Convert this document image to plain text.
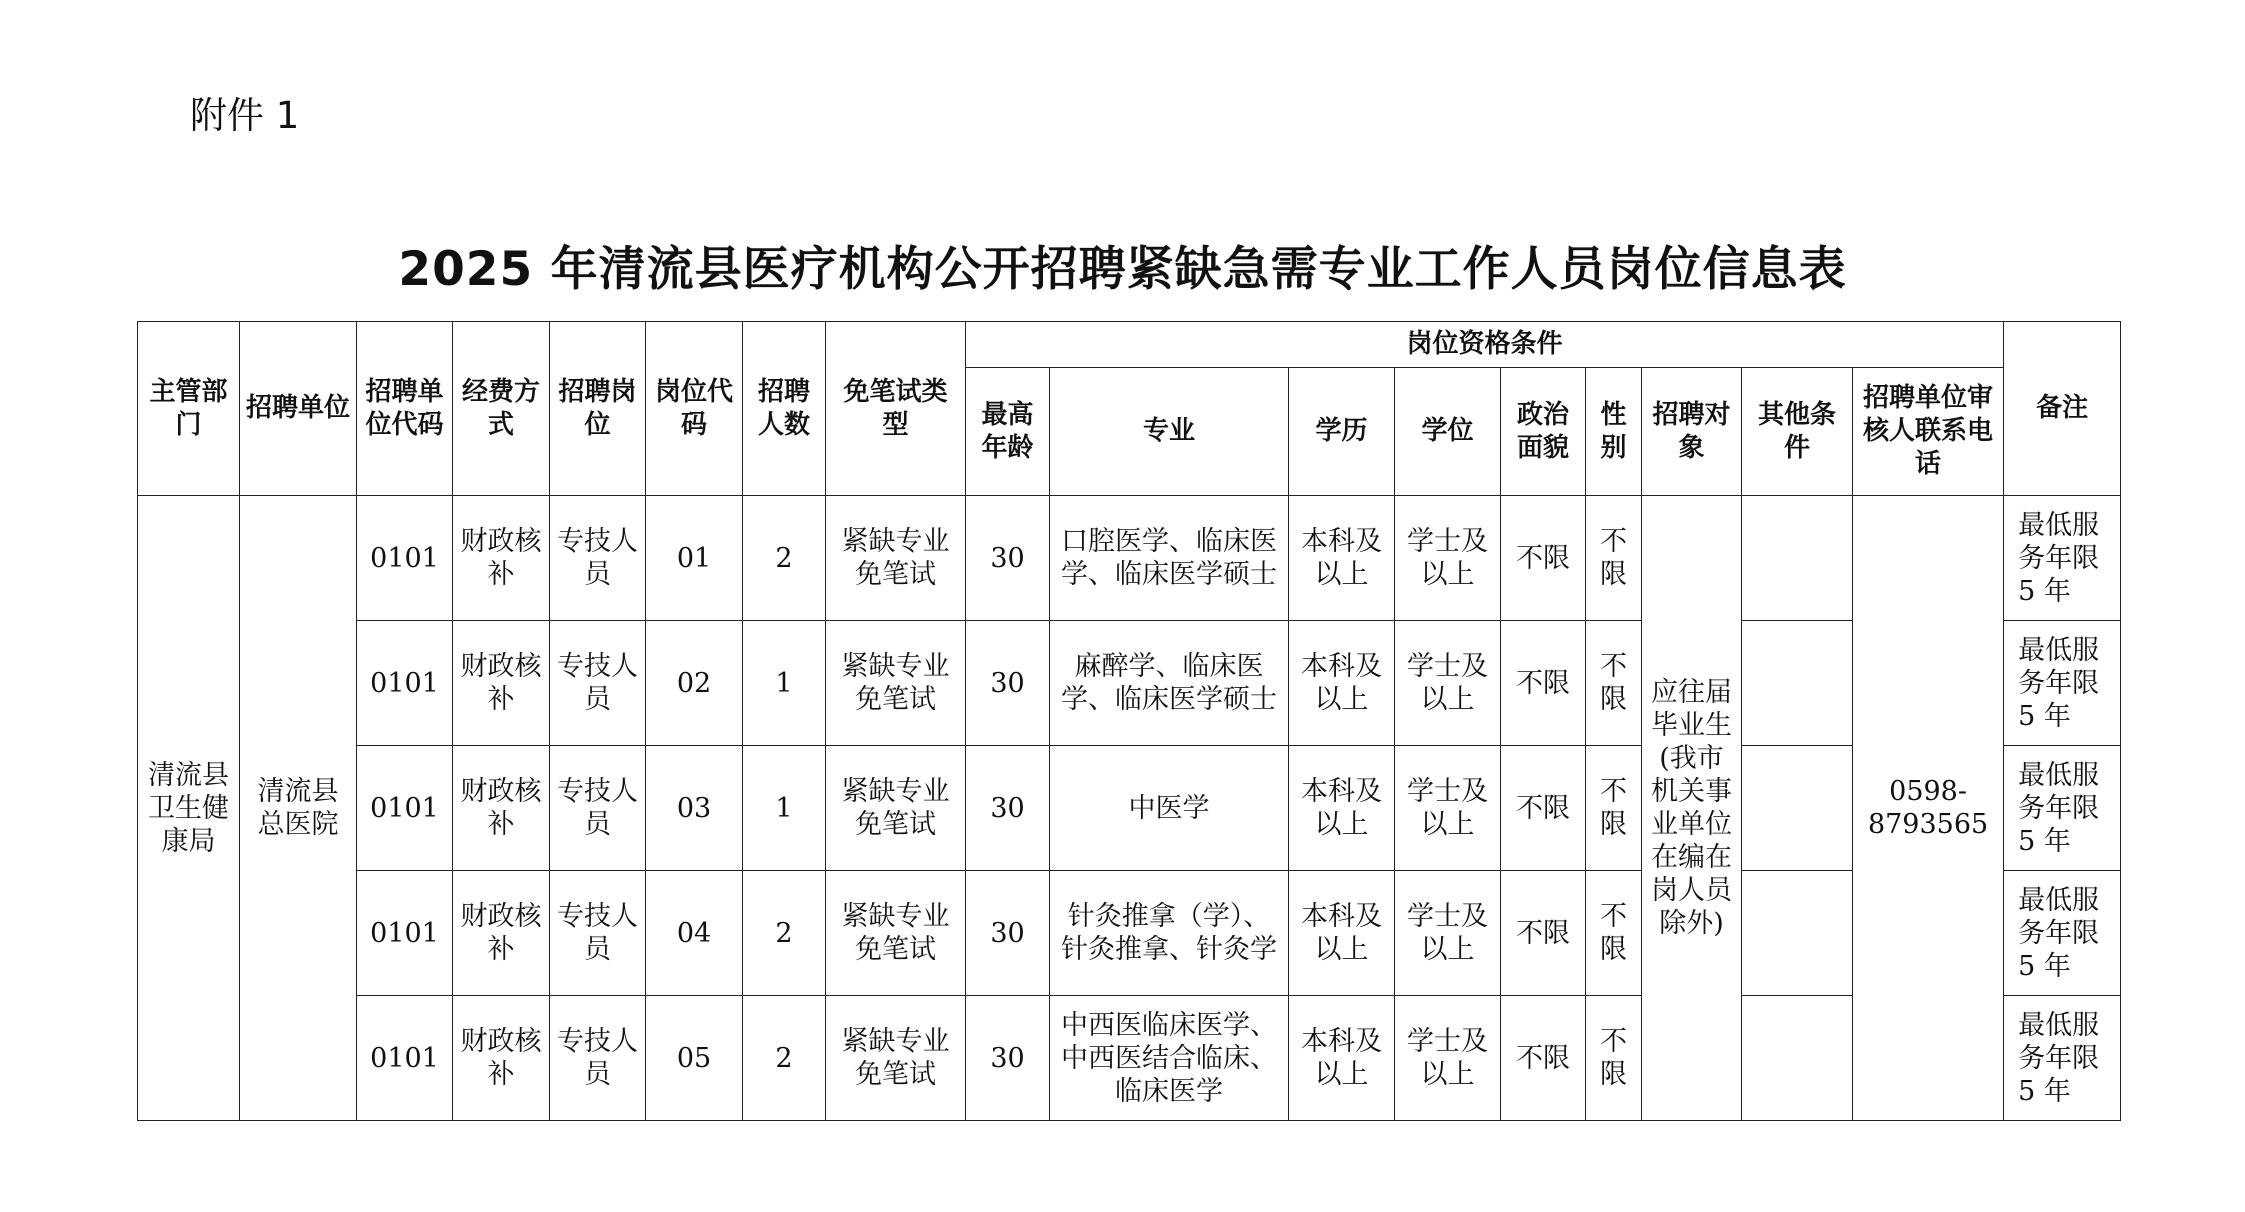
附件 1
2025 年清流县医疗机构公开招聘紧缺急需专业工作人员岗位信息表
主管部门	招聘单位	招聘单位代码	经费方式	招聘岗位	岗位代码	招聘人数	免笔试类型	岗位资格条件									备注
								最高年龄	专业	学历	学位	政治面貌	性别	招聘对象	其他条件	招聘单位审核人联系电话	
清流县卫生健康局	清流县总医院	0101	财政核补	专技人员	01	2	紧缺专业免笔试	30	口腔医学、临床医学、临床医学硕士	本科及以上	学士及以上	不限	不限	应往届毕业生(我市机关事业单位在编在岗人员除外)		0598-8793565	最低服务年限 5 年
		0101	财政核补	专技人员	02	1	紧缺专业免笔试	30	麻醉学、临床医学、临床医学硕士	本科及以上	学士及以上	不限	不限				最低服务年限 5 年
		0101	财政核补	专技人员	03	1	紧缺专业免笔试	30	中医学	本科及以上	学士及以上	不限	不限				最低服务年限 5 年
		0101	财政核补	专技人员	04	2	紧缺专业免笔试	30	针灸推拿（学）、针灸推拿、针灸学	本科及以上	学士及以上	不限	不限				最低服务年限 5 年
		0101	财政核补	专技人员	05	2	紧缺专业免笔试	30	中西医临床医学、中西医结合临床、临床医学	本科及以上	学士及以上	不限	不限				最低服务年限 5 年
